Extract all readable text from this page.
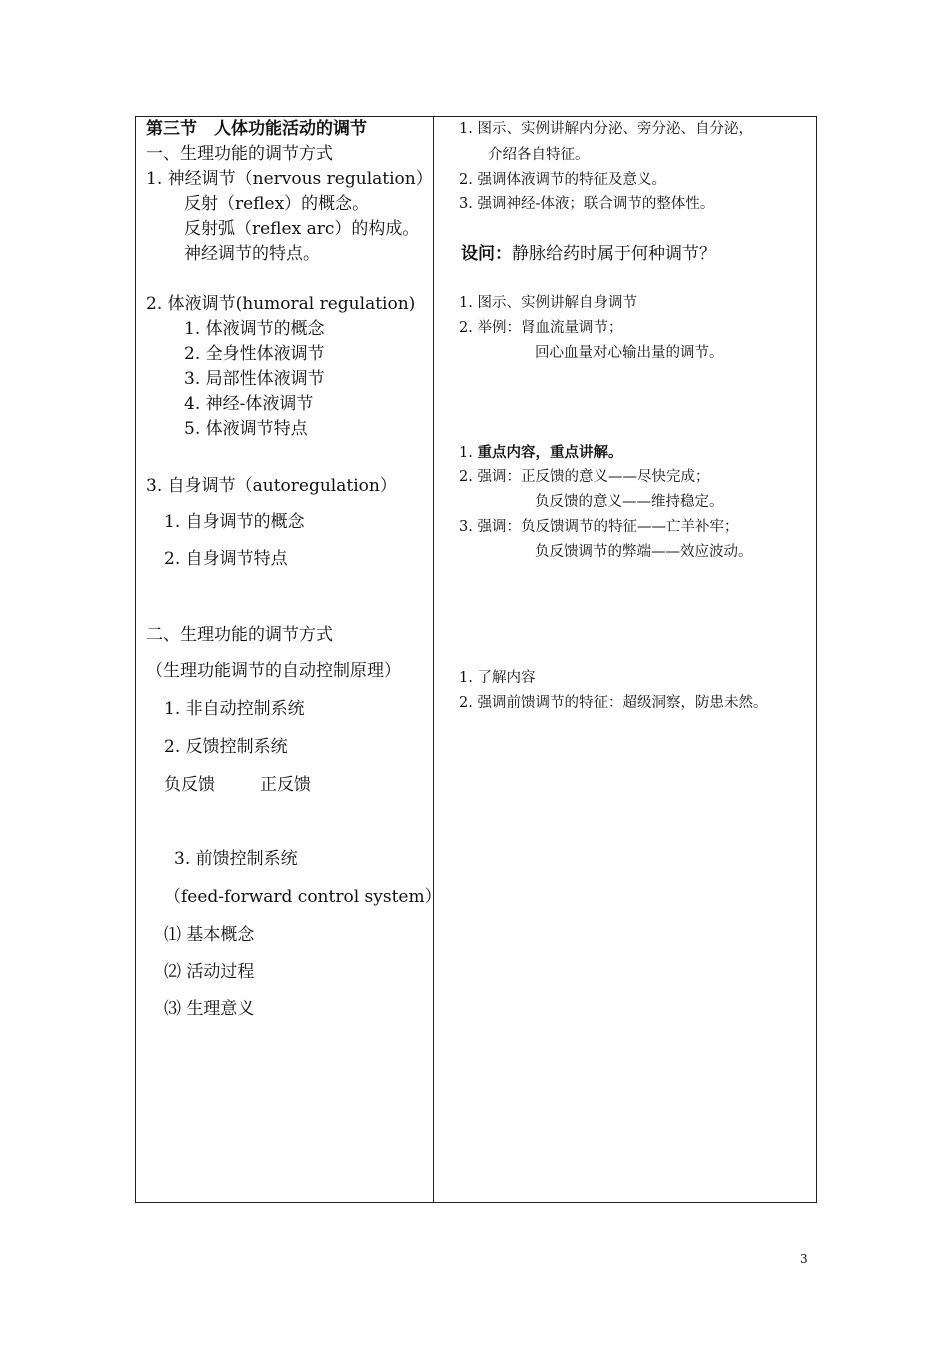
第三节　人体功能活动的调节
一、生理功能的调节方式
1. 神经调节（nervous regulation）
反射（reflex）的概念。
反射弧（reflex arc）的构成。
神经调节的特点。
2. 体液调节(humoral regulation)
1. 体液调节的概念
2. 全身性体液调节
3. 局部性体液调节
4. 神经-体液调节
5. 体液调节特点
3. 自身调节（autoregulation）
1. 自身调节的概念
2. 自身调节特点
二、生理功能的调节方式
（生理功能调节的自动控制原理）
1. 非自动控制系统
2. 反馈控制系统
负反馈	正反馈
3. 前馈控制系统
（feed-forward control system）
⑴ 基本概念
⑵ 活动过程
⑶ 生理意义
1. 图示、实例讲解内分泌、旁分泌、自分泌，
介绍各自特征。
2. 强调体液调节的特征及意义。
3. 强调神经-体液；联合调节的整体性。
设问：静脉给药时属于何种调节？
1. 图示、实例讲解自身调节
2. 举例：肾血流量调节；
回心血量对心输出量的调节。
1. 重点内容，重点讲解。
2. 强调：正反馈的意义——尽快完成；
负反馈的意义——维持稳定。
3. 强调：负反馈调节的特征——亡羊补牢；
负反馈调节的弊端——效应波动。
1. 了解内容
2. 强调前馈调节的特征：超级洞察，防患未然。
3
